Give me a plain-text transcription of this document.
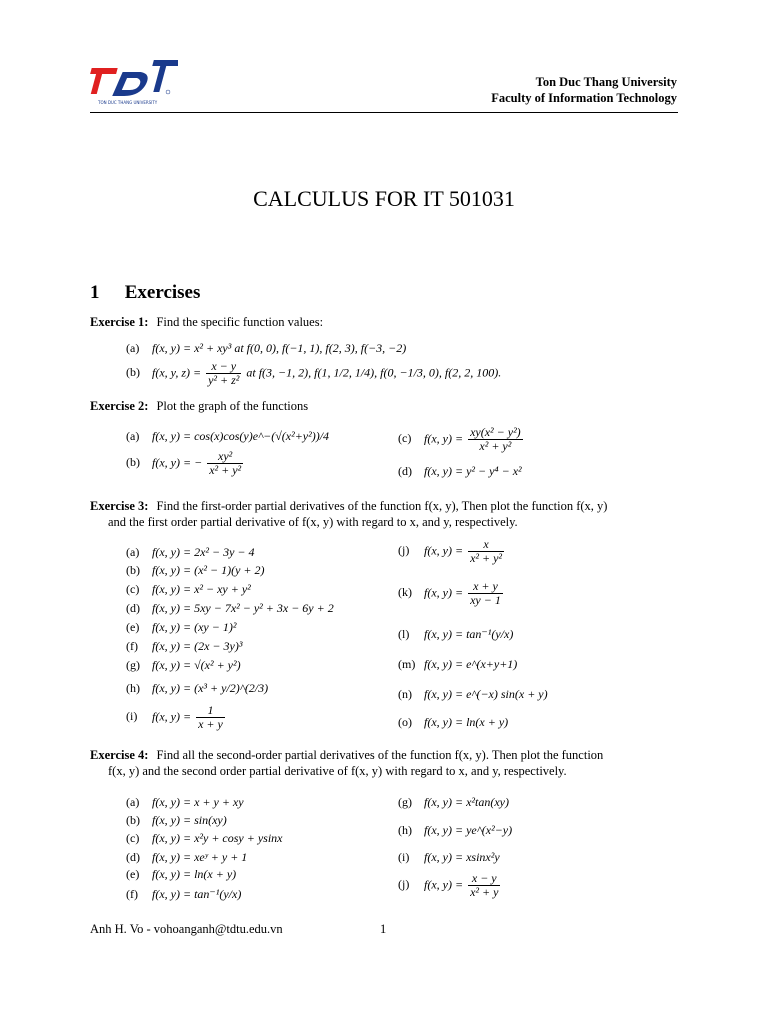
TON DUC THANG UNIVERSITY
Ton Duc Thang University
Faculty of Information Technology
CALCULUS FOR IT 501031
1 Exercises
Exercise 1: Find the specific function values:
(a) f(x, y) = x² + xy³ at f(0, 0), f(−1, 1), f(2, 3), f(−3, −2)
(b) f(x, y, $z) = \frac{x - y}{\text{y² + z²}}$ at f(3, −1, 2), f(1, 1/2, 1/4), f(0, −1/3, 0), f(2, 2, 100).
Exercise 2: Plot the graph of the functions
(a) f(x, y) = cos(x)cos(y)e^−(√(x²+y²))/4
(b) f(x, y) = − $\frac{\text{xy²}}{\text{x² + y²}}$
(c) f(x, $y) = \frac{\text{xy(x² − y²)}}{\text{x² + y²}}$
(d) f(x, y) = y² − y⁴ − x²
Exercise 3: Find the first-order partial derivatives of the function f(x, y), Then plot the function f(x, y)
and the first order partial derivative of f(x, y) with regard to x, and y, respectively.
(a) f(x, y) = 2x² − 3y − 4
(b) f(x, y) = (x² − 1)(y + 2)
(c) f(x, y) = x² − xy + y²
(d) f(x, y) = 5xy − 7x² − y² + 3x − 6y + 2
(e) f(x, y) = (xy − 1)²
(f) f(x, y) = (2x − 3y)³
(g) f(x, y) = √(x² + y²)
(h) f(x, y) = (x³ + y/2)^(2/3)
(i) f(x, $y) = \frac{1}{x + y}$
(j) f(x, $y) = \frac{x}{\text{x² + y²}}$
(k) f(x, $y) = \frac{x + y}{xy - 1}$
(l) f(x, y) = tan⁻¹(y/x)
(m) f(x, y) = e^(x+y+1)
(n) f(x, y) = e^(−x) sin(x + y)
(o) f(x, y) = ln(x + y)
Exercise 4: Find all the second-order partial derivatives of the function f(x, y). Then plot the function
f(x, y) and the second order partial derivative of f(x, y) with regard to x, and y, respectively.
(a) f(x, y) = x + y + xy
(b) f(x, y) = sin(xy)
(c) f(x, y) = x²y + cosy + ysinx
(d) f(x, y) = xeʸ + y + 1
(e) f(x, y) = ln(x + y)
(f) f(x, y) = tan⁻¹(y/x)
(g) f(x, y) = x²tan(xy)
(h) f(x, y) = ye^(x²−y)
(i) f(x, y) = xsinx²y
(j) f(x, $y) = \frac{x - y}{\text{x² + y}}$
Anh H. Vo - vohoanganh@tdtu.edu.vn	1
